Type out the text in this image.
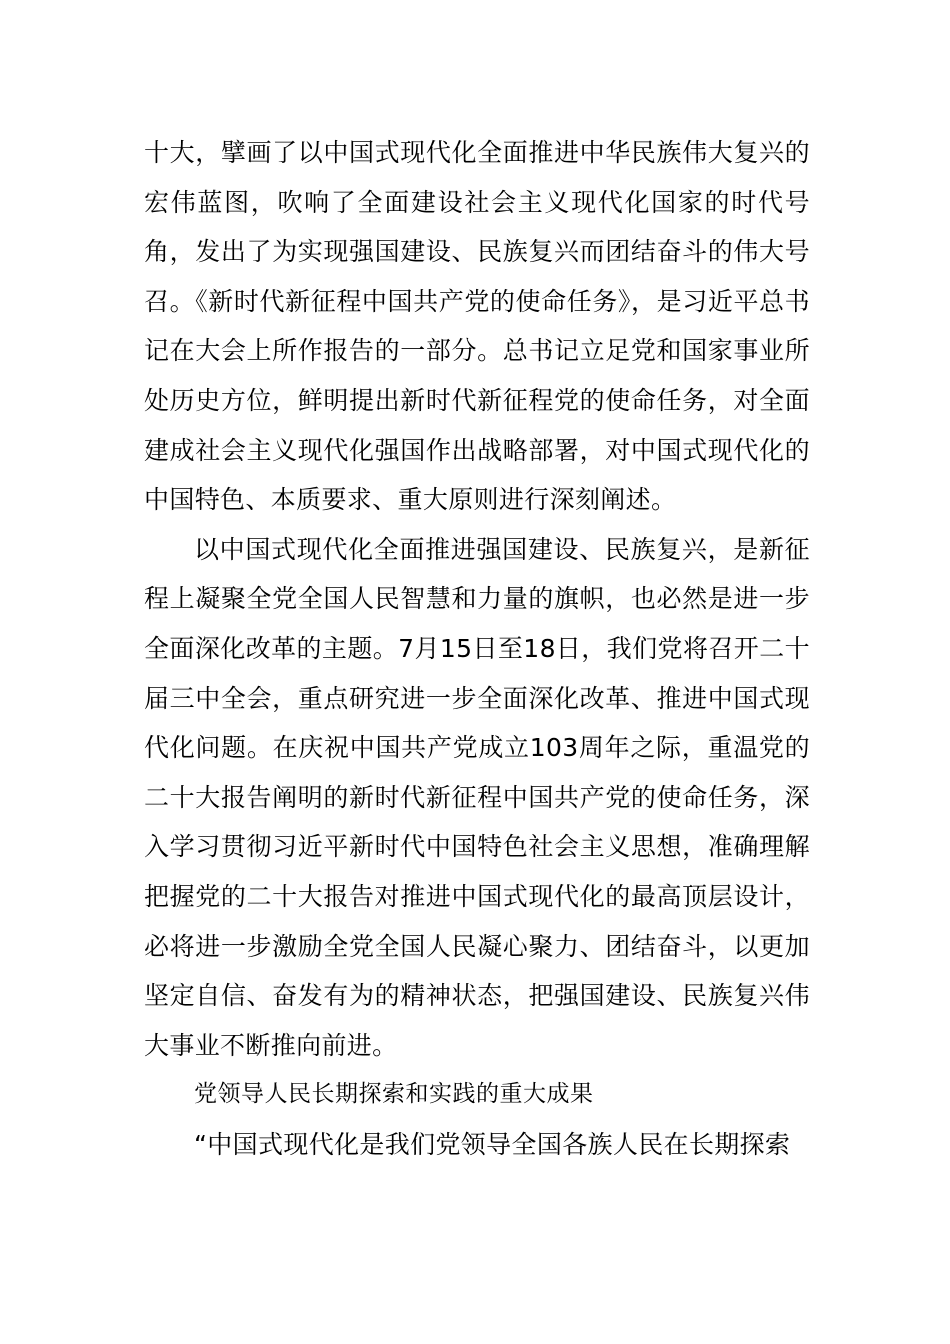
十大，擘画了以中国式现代化全面推进中华民族伟大复兴的宏伟蓝图，吹响了全面建设社会主义现代化国家的时代号角，发出了为实现强国建设、民族复兴而团结奋斗的伟大号召。《新时代新征程中国共产党的使命任务》，是习近平总书记在大会上所作报告的一部分。总书记立足党和国家事业所处历史方位，鲜明提出新时代新征程党的使命任务，对全面建成社会主义现代化强国作出战略部署，对中国式现代化的中国特色、本质要求、重大原则进行深刻阐述。

以中国式现代化全面推进强国建设、民族复兴，是新征程上凝聚全党全国人民智慧和力量的旗帜，也必然是进一步全面深化改革的主题。7月15日至18日，我们党将召开二十届三中全会，重点研究进一步全面深化改革、推进中国式现代化问题。在庆祝中国共产党成立103周年之际，重温党的二十大报告阐明的新时代新征程中国共产党的使命任务，深入学习贯彻习近平新时代中国特色社会主义思想，准确理解把握党的二十大报告对推进中国式现代化的最高顶层设计，必将进一步激励全党全国人民凝心聚力、团结奋斗，以更加坚定自信、奋发有为的精神状态，把强国建设、民族复兴伟大事业不断推向前进。

党领导人民长期探索和实践的重大成果

“中国式现代化是我们党领导全国各族人民在长期探索
